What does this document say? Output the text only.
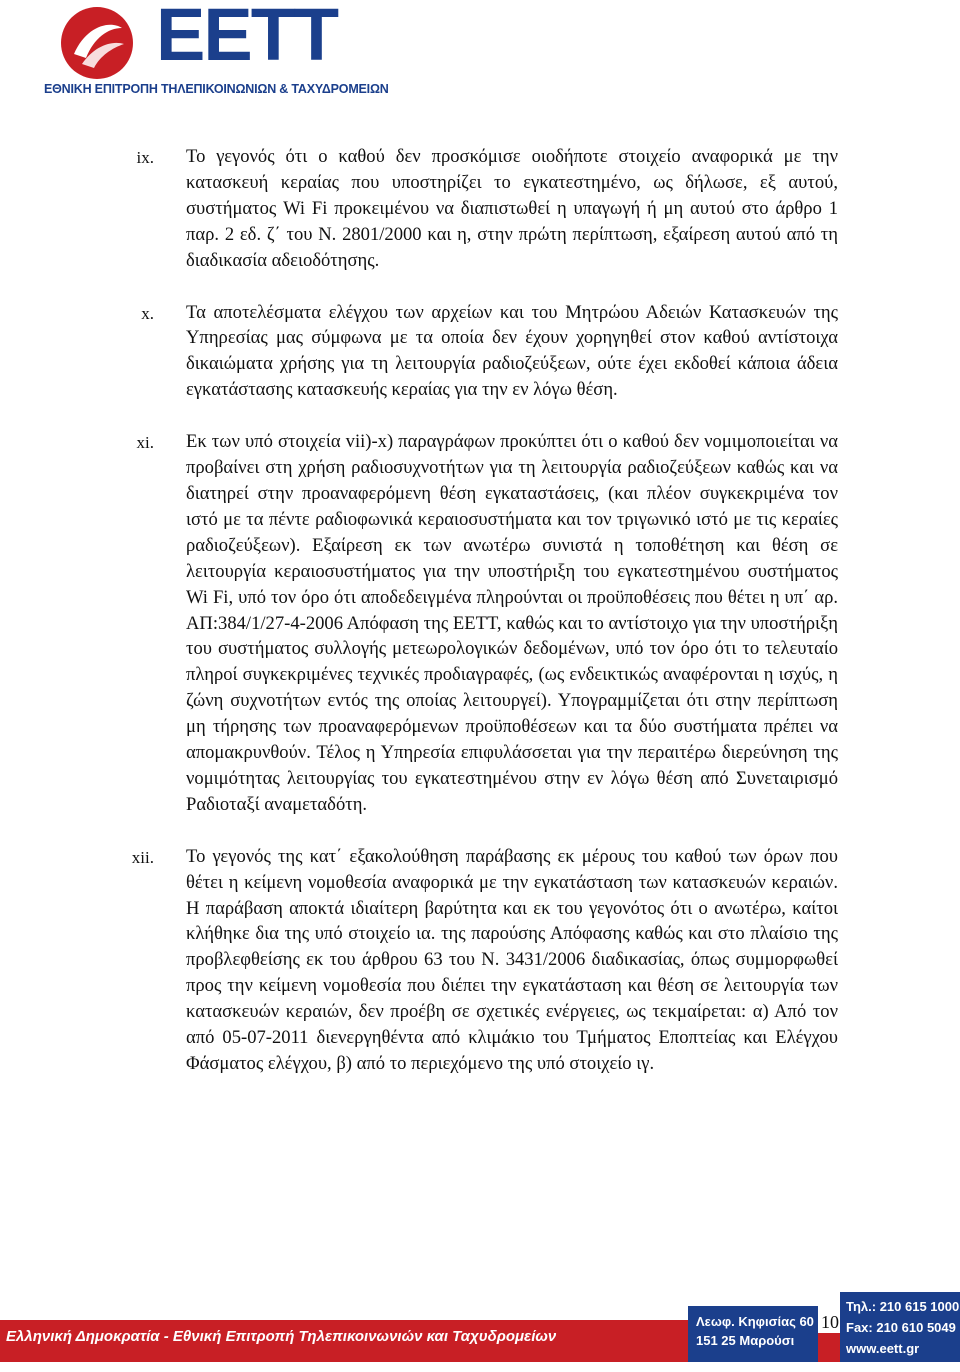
EETT
ΕΘΝΙΚΗ ΕΠΙΤΡΟΠΗ ΤΗΛΕΠΙΚΟΙΝΩΝΙΩΝ & ΤΑΧΥΔΡΟΜΕΙΩΝ
ix. Το γεγονός ότι ο καθού δεν προσκόμισε οιοδήποτε στοιχείο αναφορικά με την κατασκευή κεραίας που υποστηρίζει το εγκατεστημένο, ως δήλωσε, εξ αυτού, συστήματος Wi Fi προκειμένου να διαπιστωθεί η υπαγωγή ή μη αυτού στο άρθρο 1 παρ. 2 εδ. ζ΄ του Ν. 2801/2000 και η, στην πρώτη περίπτωση, εξαίρεση αυτού από τη διαδικασία αδειοδότησης.
x. Τα αποτελέσματα ελέγχου των αρχείων και του Μητρώου Αδειών Κατασκευών της Υπηρεσίας μας σύμφωνα με τα οποία δεν έχουν χορηγηθεί στον καθού αντίστοιχα δικαιώματα χρήσης για τη λειτουργία ραδιοζεύξεων, ούτε έχει εκδοθεί κάποια άδεια εγκατάστασης κατασκευής κεραίας για την εν λόγω θέση.
xi. Εκ των υπό στοιχεία vii)-x) παραγράφων προκύπτει ότι ο καθού δεν νομιμοποιείται να προβαίνει στη χρήση ραδιοσυχνοτήτων για τη λειτουργία ραδιοζεύξεων καθώς και να διατηρεί στην προαναφερόμενη θέση εγκαταστάσεις, (και πλέον συγκεκριμένα τον ιστό με τα πέντε ραδιοφωνικά κεραιοσυστήματα και τον τριγωνικό ιστό με τις κεραίες ραδιοζεύξεων). Εξαίρεση εκ των ανωτέρω συνιστά η τοποθέτηση και θέση σε λειτουργία κεραιοσυστήματος για την υποστήριξη του εγκατεστημένου συστήματος Wi Fi, υπό τον όρο ότι αποδεδειγμένα πληρούνται οι προϋποθέσεις που θέτει η υπ΄ αρ. ΑΠ:384/1/27-4-2006 Απόφαση της ΕΕΤΤ, καθώς και το αντίστοιχο για την υποστήριξη του συστήματος συλλογής μετεωρολογικών δεδομένων, υπό τον όρο ότι το τελευταίο πληροί συγκεκριμένες τεχνικές προδιαγραφές, (ως ενδεικτικώς αναφέρονται η ισχύς, η ζώνη συχνοτήτων εντός της οποίας λειτουργεί). Υπογραμμίζεται ότι στην περίπτωση μη τήρησης των προαναφερόμενων προϋποθέσεων και τα δύο συστήματα πρέπει να απομακρυνθούν. Τέλος η Υπηρεσία επιφυλάσσεται για την περαιτέρω διερεύνηση της νομιμότητας λειτουργίας του εγκατεστημένου στην εν λόγω θέση από Συνεταιρισμό Ραδιοταξί αναμεταδότη.
xii. Το γεγονός της κατ΄ εξακολούθηση παράβασης εκ μέρους του καθού των όρων που θέτει η κείμενη νομοθεσία αναφορικά με την εγκατάσταση των κατασκευών κεραιών. Η παράβαση αποκτά ιδιαίτερη βαρύτητα και εκ του γεγονότος ότι ο ανωτέρω, καίτοι κλήθηκε δια της υπό στοιχείο ια. της παρούσης Απόφασης καθώς και στο πλαίσιο της προβλεφθείσης εκ του άρθρου 63 του Ν. 3431/2006 διαδικασίας, όπως συμμορφωθεί προς την κείμενη νομοθεσία που διέπει την εγκατάσταση και θέση σε λειτουργία των κατασκευών κεραιών, δεν προέβη σε σχετικές ενέργειες, ως τεκμαίρεται: α) Από τον από 05-07-2011 διενεργηθέντα από κλιμάκιο του Τμήματος Εποπτείας και Ελέγχου Φάσματος ελέγχου, β) από το περιεχόμενο της υπό στοιχείο ιγ.
Ελληνική Δημοκρατία - Εθνική Επιτροπή Τηλεπικοινωνιών και Ταχυδρομείων
Λεωφ. Κηφισίας 60
151 25 Μαρούσι
10
Τηλ.: 210 615 1000
Fax: 210 610 5049
www.eett.gr
